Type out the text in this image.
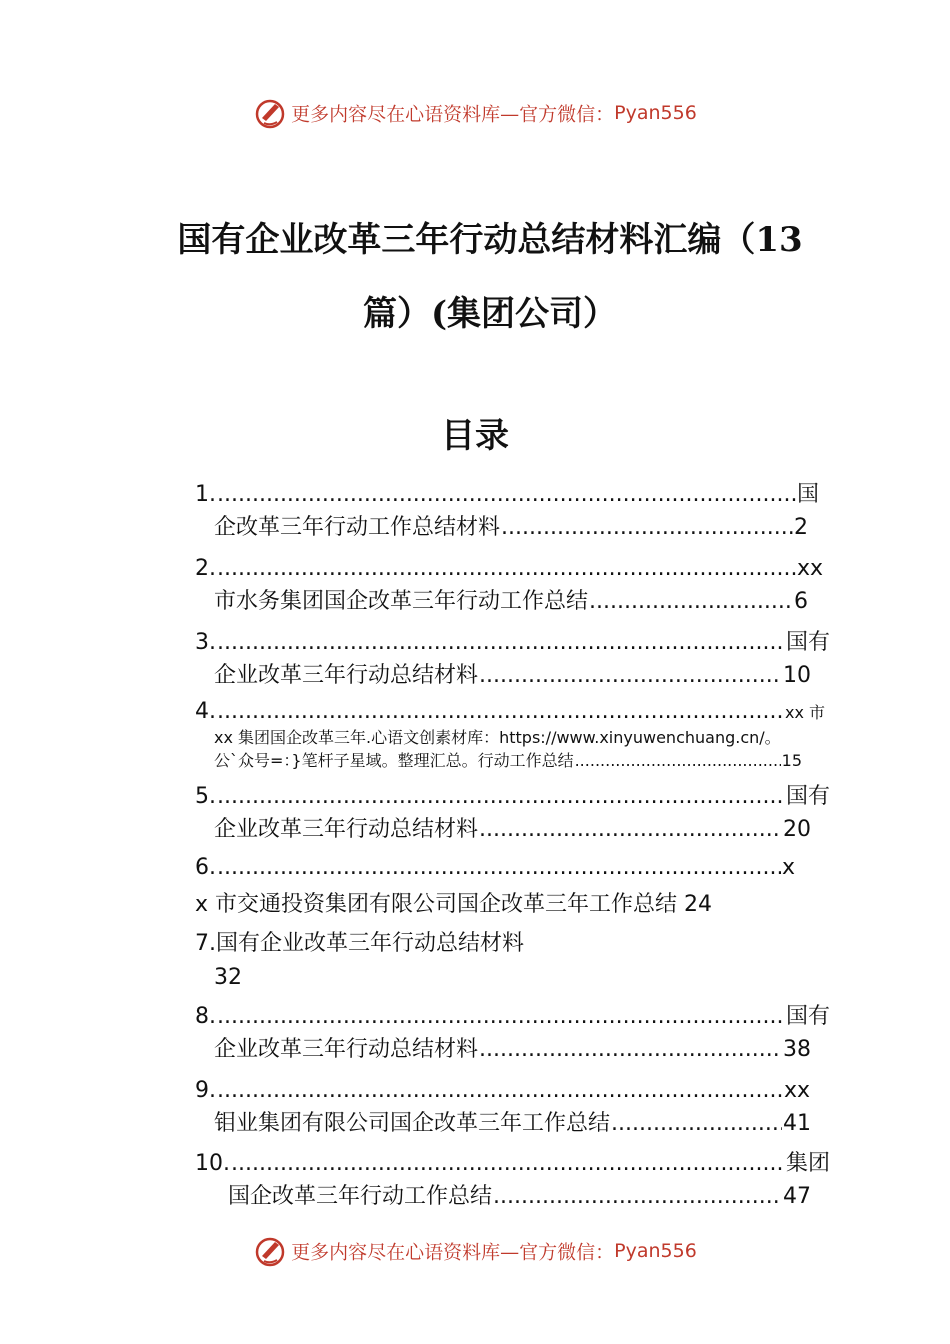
更多内容尽在心语资料库—官方微信：Pyan556
国有企业改革三年行动总结材料汇编（13
篇）(集团公司）
目录
1. .....	国
企改革三年行动工作总结材料 .....	2
2. .....	xx
市水务集团国企改革三年行动工作总结 .....	6
3. .....	国有
企业改革三年行动总结材料 .....	10
4. .....	xx 市
xx 集团国企改革三年.心语文创素材库：https://www.xinyuwenchuang.cn/。
公`众号=：}笔杆子星域。整理汇总。行动工作总结 .....	15
5. .....	国有
企业改革三年行动总结材料 .....	20
6. .....	x
x 市交通投资集团有限公司国企改革三年工作总结 24
7. 国有企业改革三年行动总结材料
32
8. .....	国有
企业改革三年行动总结材料 .....	38
9. .....	xx
钼业集团有限公司国企改革三年工作总结 .....	41
10. .....	集团
国企改革三年行动工作总结 .....	47
更多内容尽在心语资料库—官方微信：Pyan556
